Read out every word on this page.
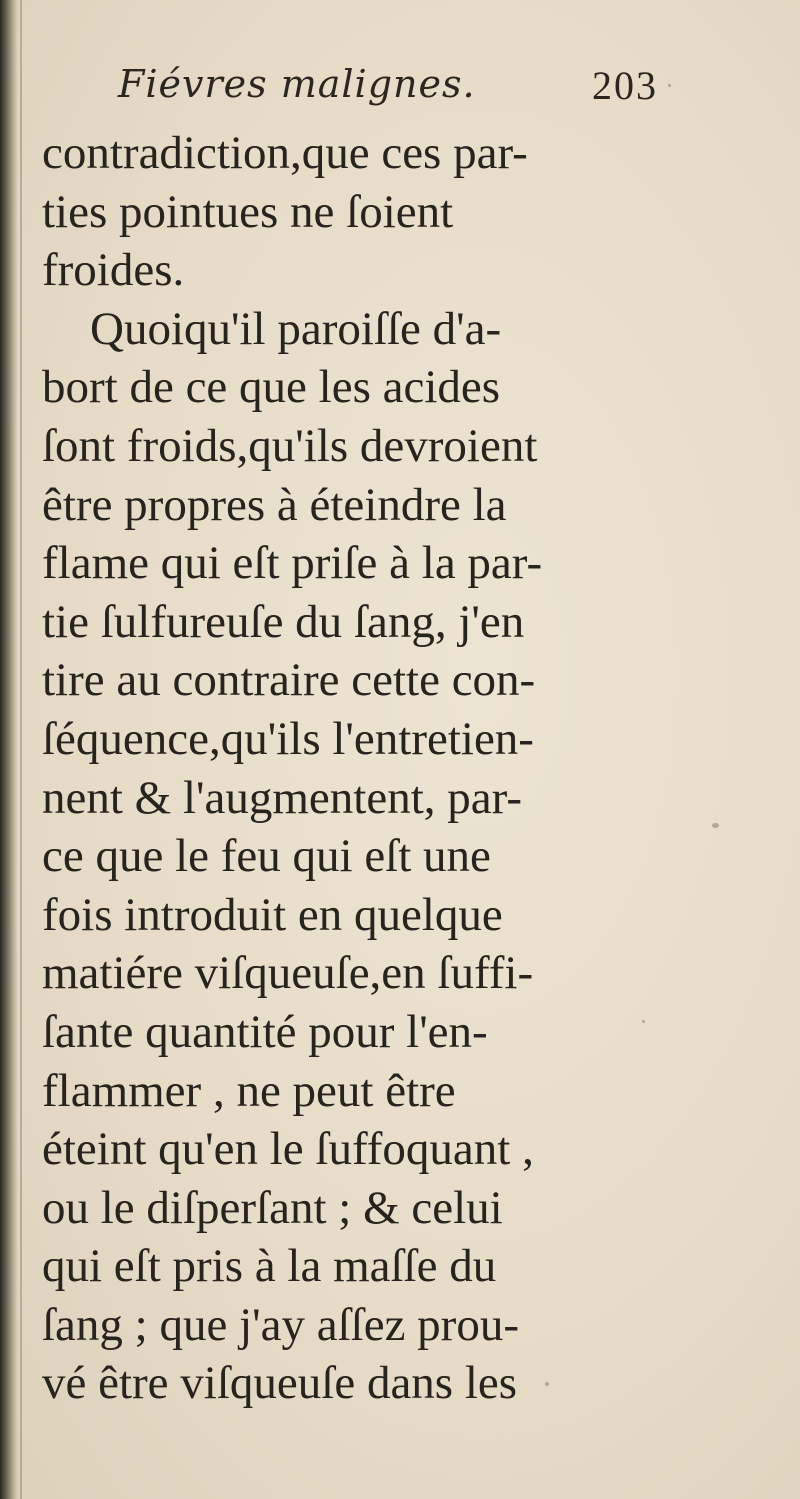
Fiévres malignes.	203
contradiction,que ces par-
ties pointues ne ſoient
froides.
Quoiqu'il paroiſſe d'a-
bort de ce que les acides
ſont froids,qu'ils devroient
être propres à éteindre la
flame qui eſt priſe à la par-
tie ſulfureuſe du ſang, j'en
tire au contraire cette con-
ſéquence,qu'ils l'entretien-
nent & l'augmentent, par-
ce que le feu qui eſt une
fois introduit en quelque
matiére viſqueuſe,en ſuffi-
ſante quantité pour l'en-
flammer , ne peut être
éteint qu'en le ſuffoquant ,
ou le diſperſant ; & celui
qui eſt pris à la maſſe du
ſang ; que j'ay aſſez prou-
vé être viſqueuſe dans les
